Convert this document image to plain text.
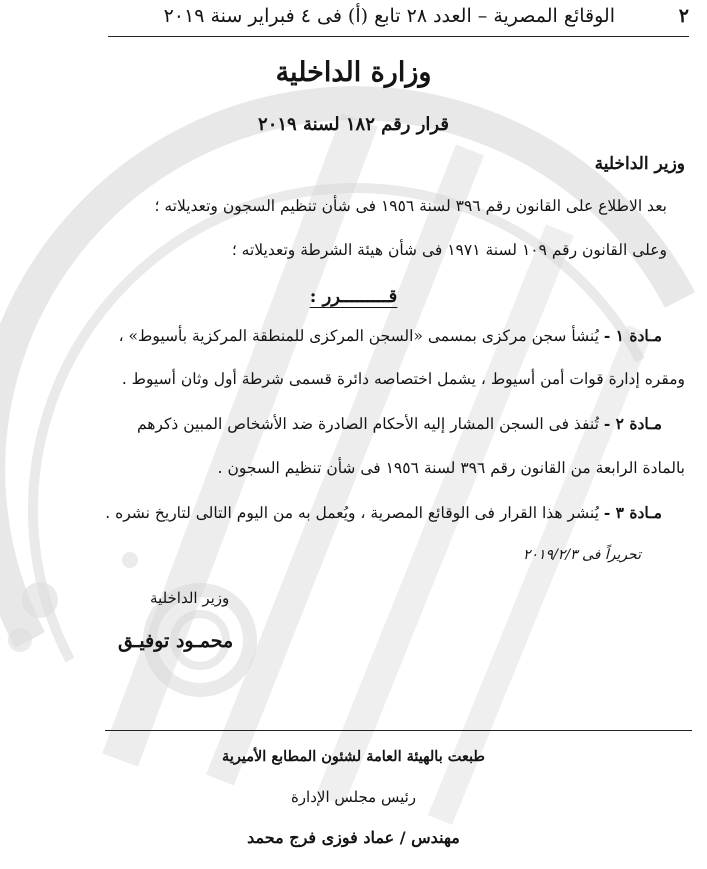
٢
الوقائع المصرية – العدد ٢٨ تابع (أ) فى ٤ فبراير سنة ٢٠١٩
وزارة الداخلية
قرار رقم ١٨٢ لسنة ٢٠١٩
وزير الداخلية
بعد الاطلاع على القانون رقم ٣٩٦ لسنة ١٩٥٦ فى شأن تنظيم السجون وتعديلاته ؛
وعلى القانون رقم ١٠٩ لسنة ١٩٧١ فى شأن هيئة الشرطة وتعديلاته ؛
قـــــــــرر :
مـادة ١ - يُنشأ سجن مركزى بمسمى «السجن المركزى للمنطقة المركزية بأسيوط» ،
ومقره إدارة قوات أمن أسيوط ، يشمل اختصاصه دائرة قسمى شرطة أول وثان أسيوط .
مـادة ٢ - تُنفذ فى السجن المشار إليه الأحكام الصادرة ضد الأشخاص المبين ذكرهم
بالمادة الرابعة من القانون رقم ٣٩٦ لسنة ١٩٥٦ فى شأن تنظيم السجون .
مـادة ٣ - يُنشر هذا القرار فى الوقائع المصرية ، ويُعمل به من اليوم التالى لتاريخ نشره .
تحريراً فى ٢٠١٩/٢/٣
وزير الداخلية
محمـود توفيـق
طبعت بالهيئة العامة لشئون المطابع الأميرية
رئيس مجلس الإدارة
مهندس / عماد فوزى فرج محمد
